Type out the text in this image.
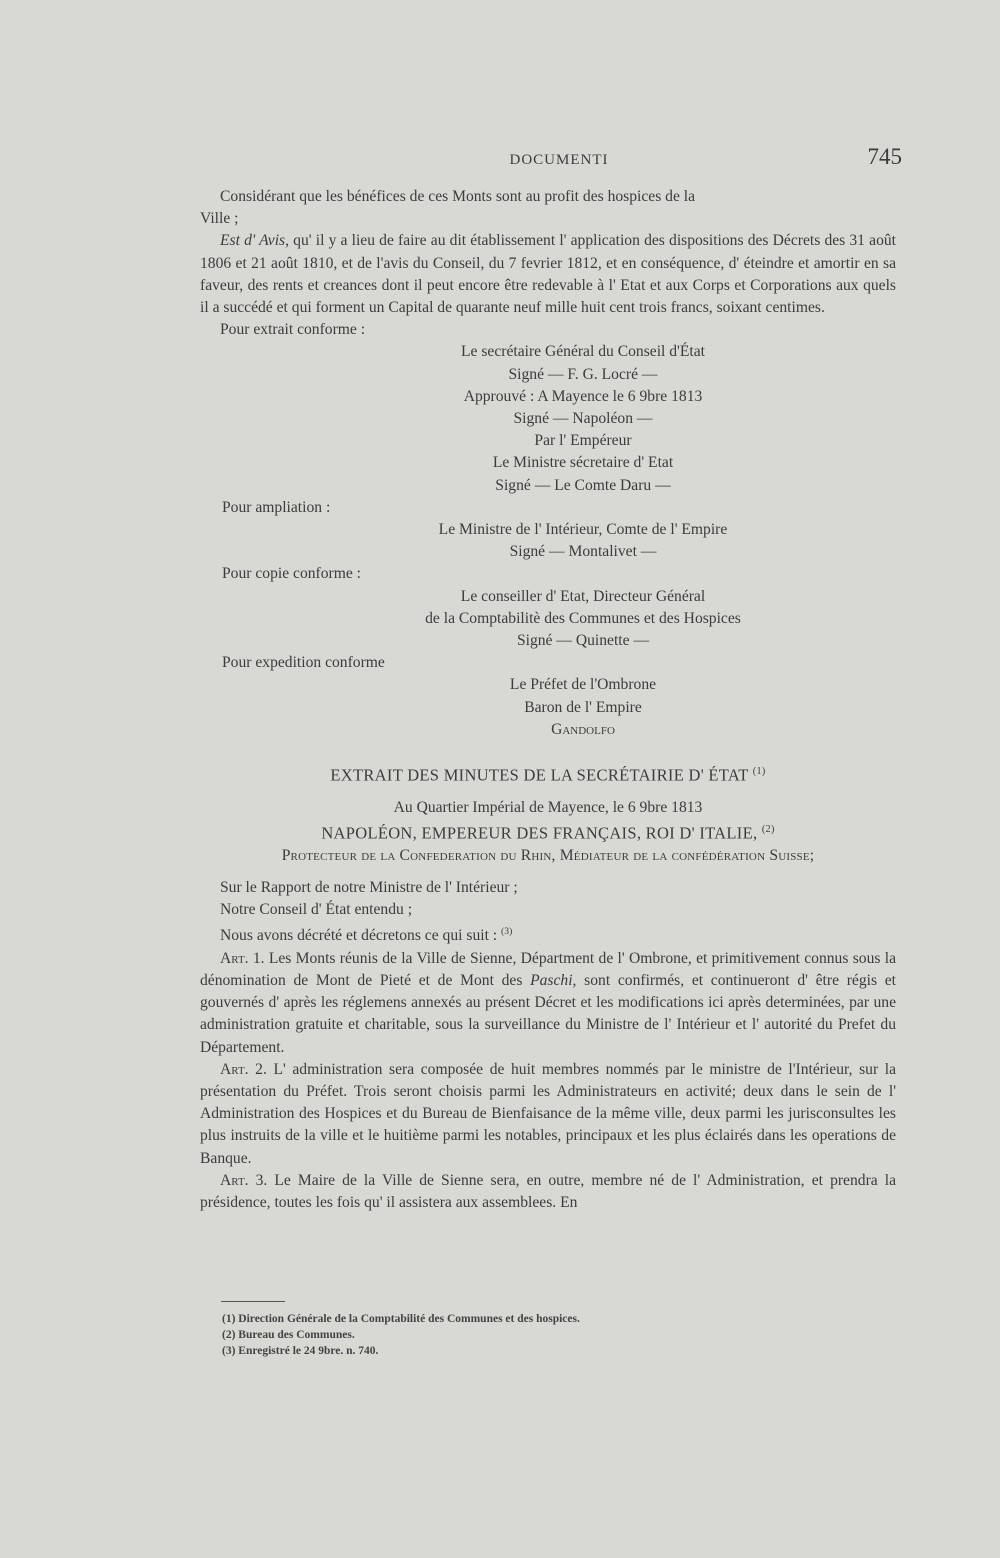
DOCUMENTI	745

Considérant que les bénéfices de ces Monts sont au profit des hospices de la

Ville ;

Est d' Avis, qu' il y a lieu de faire au dit établissement l' application des dispositions des Décrets des 31 août 1806 et 21 août 1810, et de l'avis du Conseil, du 7 fevrier 1812, et en conséquence, d' éteindre et amortir en sa faveur, des rents et creances dont il peut encore être redevable à l' Etat et aux Corps et Corporations aux quels il a succédé et qui forment un Capital de quarante neuf mille huit cent trois francs, soixant centimes.

Pour extrait conforme :

Le secrétaire Général du Conseil d'État

Signé — F. G. Locré —

Approuvé : A Mayence le 6 9bre 1813

Signé — Napoléon —

Par l' Empéreur

Le Ministre sécretaire d' Etat

Signé — Le Comte Daru —

Pour ampliation :

Le Ministre de l' Intérieur, Comte de l' Empire

Signé — Montalivet —

Pour copie conforme :

Le conseiller d' Etat, Directeur Général

de la Comptabilitè des Communes et des Hospices

Signé — Quinette —

Pour expedition conforme

Le Préfet de l'Ombrone

Baron de l' Empire

Gandolfo

EXTRAIT DES MINUTES DE LA SECRÉTAIRIE D' ÉTAT $^{(1)}$

Au Quartier Impérial de Mayence, le 6 9bre 1813

NAPOLÉON, EMPEREUR DES FRANÇAIS, ROI D' ITALIE, $^{(2)}$

Protecteur de la Confederation du Rhin, Médiateur de la confédération Suisse;

Sur le Rapport de notre Ministre de l' Intérieur ;

Notre Conseil d' État entendu ;

Nous avons décrété et décretons ce qui suit : $^{(3)}$

Art. 1. Les Monts réunis de la Ville de Sienne, Départment de l' Ombrone, et primitivement connus sous la dénomination de Mont de Pieté et de Mont des Paschi, sont confirmés, et continueront d' être régis et gouvernés d' après les réglemens annexés au présent Décret et les modifications ici après determinées, par une administration gratuite et charitable, sous la surveillance du Ministre de l' Intérieur et l' autorité du Prefet du Département.

Art. 2. L' administration sera composée de huit membres nommés par le ministre de l'Intérieur, sur la présentation du Préfet. Trois seront choisis parmi les Administrateurs en activité; deux dans le sein de l' Administration des Hospices et du Bureau de Bienfaisance de la même ville, deux parmi les jurisconsultes les plus instruits de la ville et le huitième parmi les notables, principaux et les plus éclairés dans les operations de Banque.

Art. 3. Le Maire de la Ville de Sienne sera, en outre, membre né de l' Administration, et prendra la présidence, toutes les fois qu' il assistera aux assemblees. En

(1) Direction Générale de la Comptabilité des Communes et des hospices.
(2) Bureau des Communes.
(3) Enregistré le 24 9bre. n. 740.
